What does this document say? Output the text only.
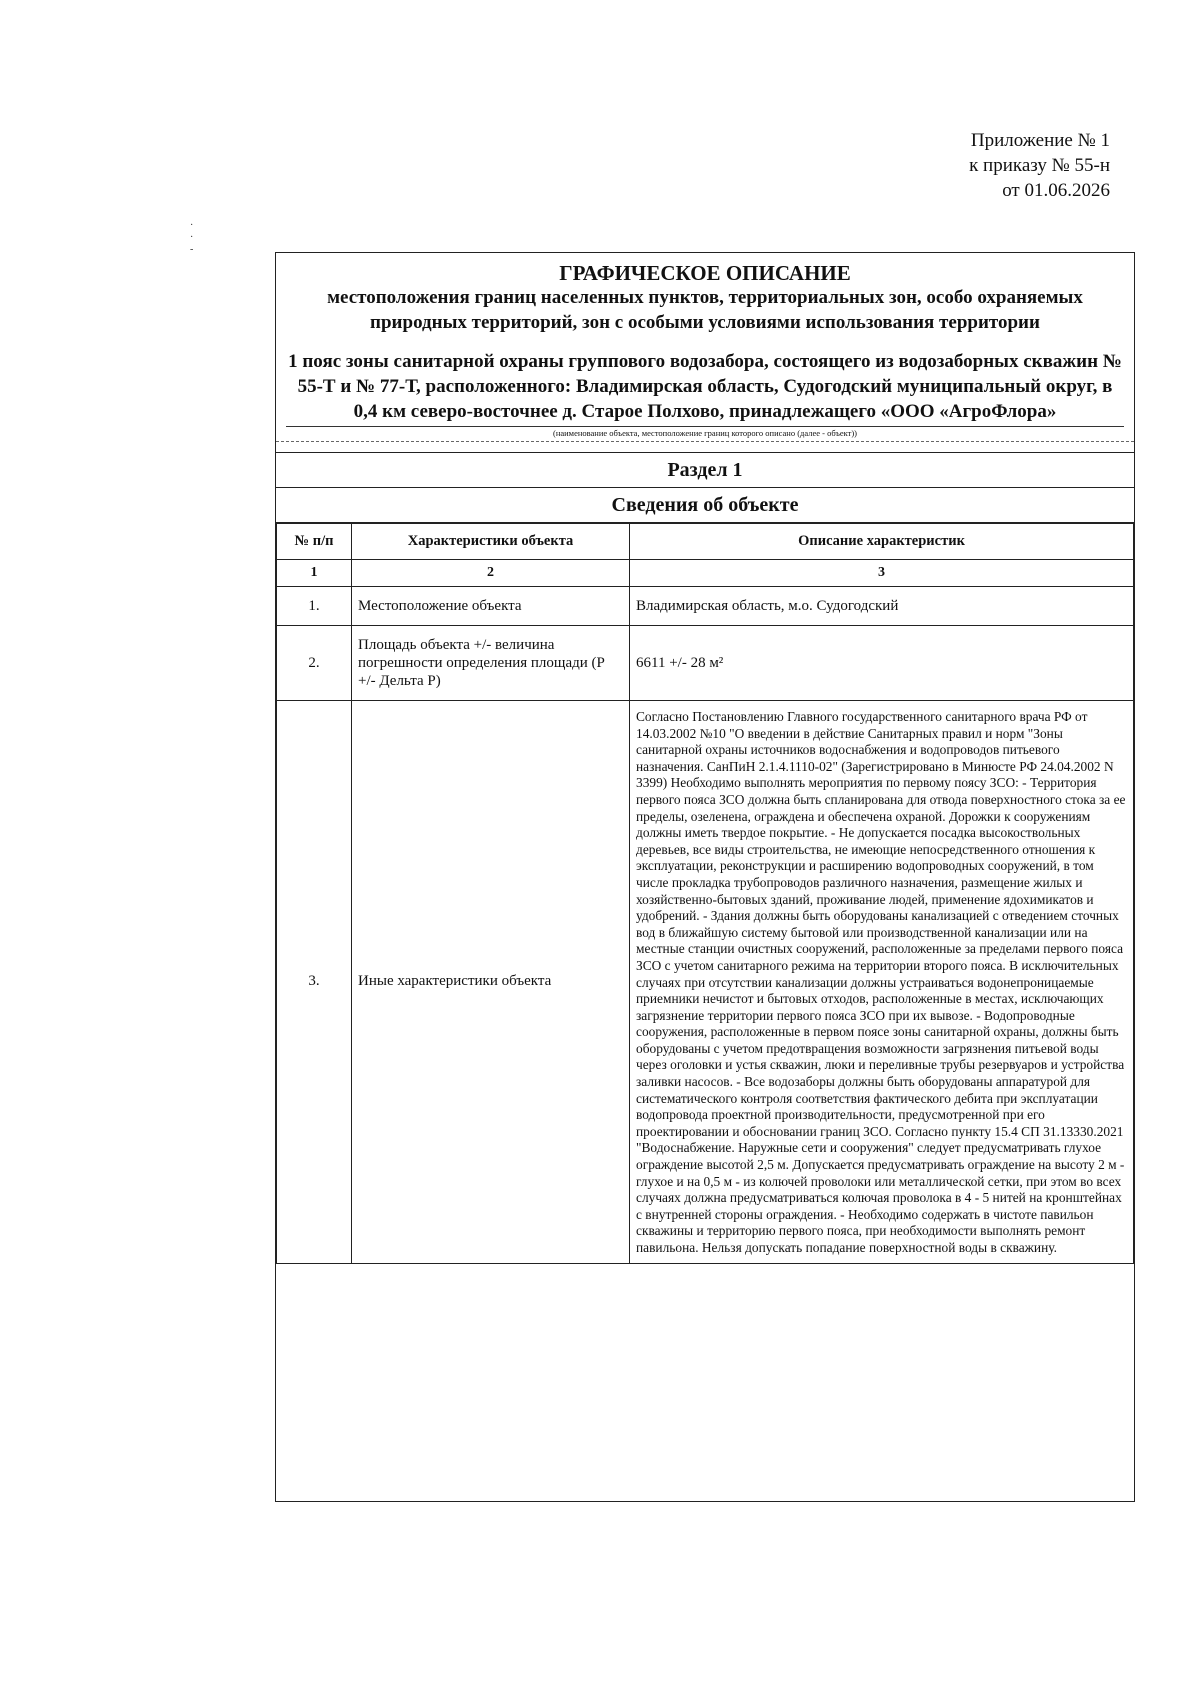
·
·
-
Приложение № 1
к приказу № 55-н
от 01.06.2026
ГРАФИЧЕСКОЕ ОПИСАНИЕ
местоположения границ населенных пунктов, территориальных зон, особо охраняемых природных территорий, зон с особыми условиями использования территории
1 пояс зоны санитарной охраны группового водозабора, состоящего из водозаборных скважин № 55-Т и № 77-Т, расположенного: Владимирская область, Судогодский муниципальный округ, в 0,4 км северо-восточнее д. Старое Полхово, принадлежащего «ООО «АгроФлора»
(наименование объекта, местоположение границ которого описано (далее - объект))
Раздел 1
Сведения об объекте
№ п/п	Характеристики объекта	Описание характеристик
1	2	3
1.	Местоположение объекта	Владимирская область, м.о. Судогодский
2.	Площадь объекта +/- величина погрешности определения площади (Р +/- Дельта Р)	6611 +/- 28 м²
3.	Иные характеристики объекта	Согласно Постановлению Главного государственного санитарного врача РФ от 14.03.2002 №10 "О введении в действие Санитарных правил и норм "Зоны санитарной охраны источников водоснабжения и водопроводов питьевого назначения. СанПиН 2.1.4.1110-02" (Зарегистрировано в Минюсте РФ 24.04.2002 N 3399) Необходимо выполнять мероприятия по первому поясу ЗСО: - Территория первого пояса ЗСО должна быть спланирована для отвода поверхностного стока за ее пределы, озеленена, ограждена и обеспечена охраной. Дорожки к сооружениям должны иметь твердое покрытие. - Не допускается посадка высокоствольных деревьев, все виды строительства, не имеющие непосредственного отношения к эксплуатации, реконструкции и расширению водопроводных сооружений, в том числе прокладка трубопроводов различного назначения, размещение жилых и хозяйственно-бытовых зданий, проживание людей, применение ядохимикатов и удобрений. - Здания должны быть оборудованы канализацией с отведением сточных вод в ближайшую систему бытовой или производственной канализации или на местные станции очистных сооружений, расположенные за пределами первого пояса ЗСО с учетом санитарного режима на территории второго пояса. В исключительных случаях при отсутствии канализации должны устраиваться водонепроницаемые приемники нечистот и бытовых отходов, расположенные в местах, исключающих загрязнение территории первого пояса ЗСО при их вывозе. - Водопроводные сооружения, расположенные в первом поясе зоны санитарной охраны, должны быть оборудованы с учетом предотвращения возможности загрязнения питьевой воды через оголовки и устья скважин, люки и переливные трубы резервуаров и устройства заливки насосов. - Все водозаборы должны быть оборудованы аппаратурой для систематического контроля соответствия фактического дебита при эксплуатации водопровода проектной производительности, предусмотренной при его проектировании и обосновании границ ЗСО. Согласно пункту 15.4 СП 31.13330.2021 "Водоснабжение. Наружные сети и сооружения" следует предусматривать глухое ограждение высотой 2,5 м. Допускается предусматривать ограждение на высоту 2 м - глухое и на 0,5 м - из колючей проволоки или металлической сетки, при этом во всех случаях должна предусматриваться колючая проволока в 4 - 5 нитей на кронштейнах с внутренней стороны ограждения. - Необходимо содержать в чистоте павильон скважины и территорию первого пояса, при необходимости выполнять ремонт павильона. Нельзя допускать попадание поверхностной воды в скважину.
